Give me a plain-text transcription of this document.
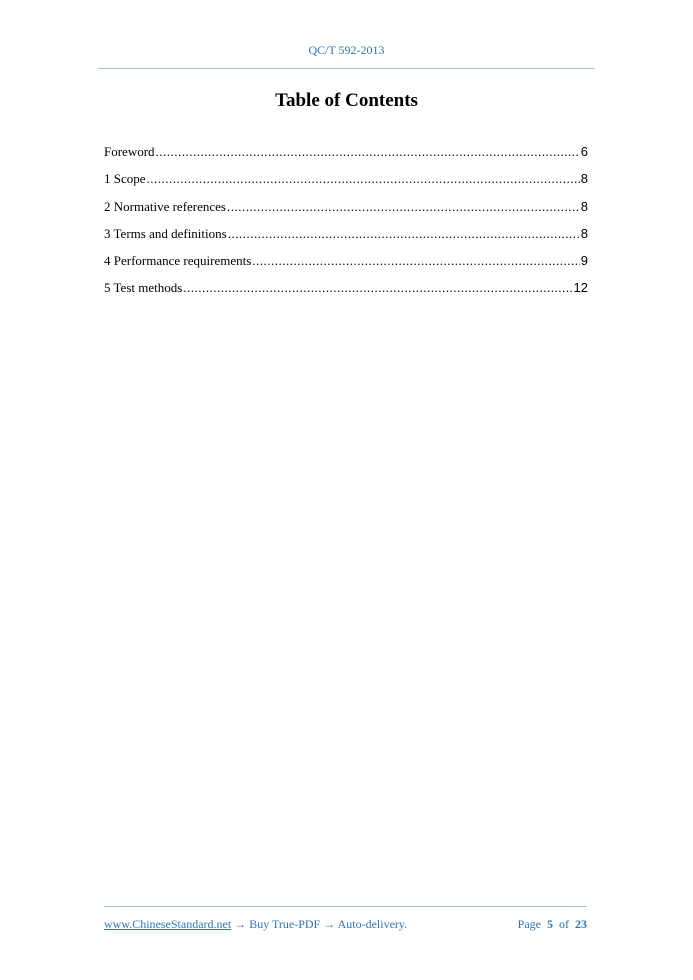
QC/T 592-2013
Table of Contents
Foreword .....	6
1 Scope .....	8
2 Normative references .....	8
3 Terms and definitions .....	8
4 Performance requirements .....	9
5 Test methods .....	12
www.ChineseStandard.net → Buy True-PDF → Auto-delivery.	Page 5 of 23
